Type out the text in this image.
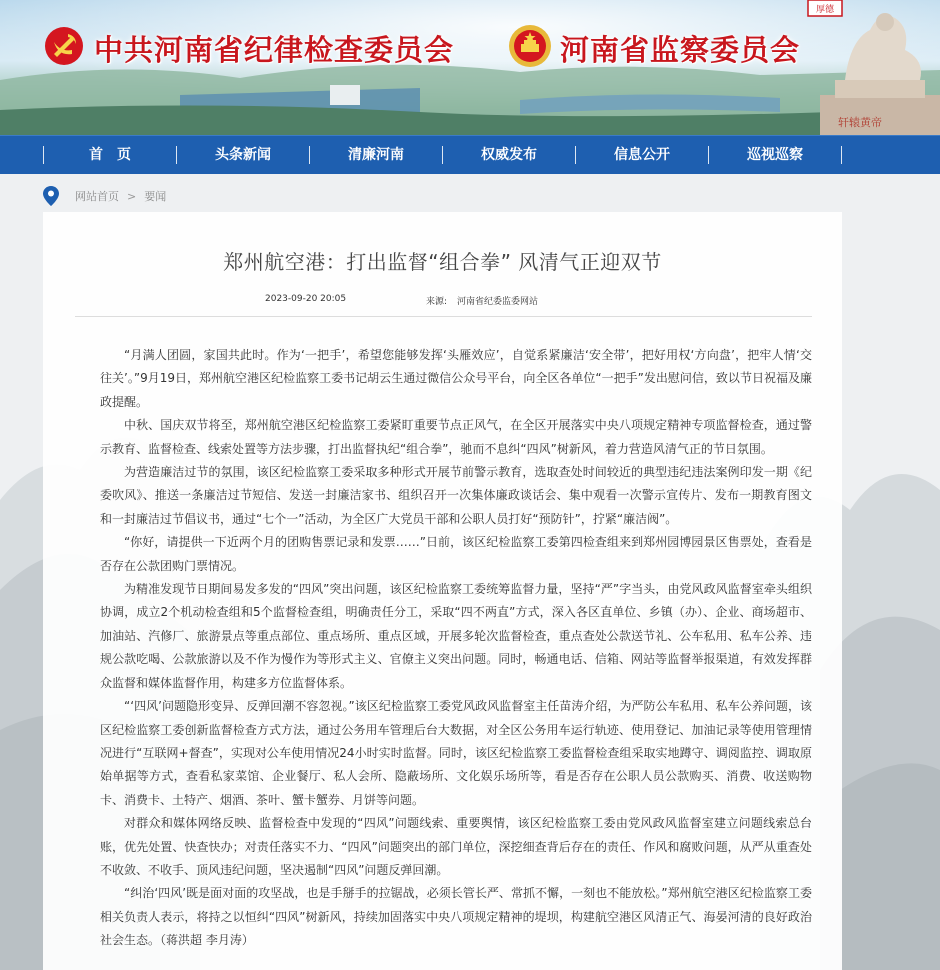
厚德
轩辕黄帝
中共河南省纪律检查委员会	河南省监察委员会
首　页	头条新闻	清廉河南	权威发布	信息公开	巡视巡察
网站首页 > 要闻
郑州航空港：打出监督“组合拳” 风清气正迎双节
2023-09-20 20:05	来源: 河南省纪委监委网站

“月满人团圆，家国共此时。作为‘一把手’，希望您能够发挥‘头雁效应’，自觉系紧廉洁‘安全带’，把好用权‘方向盘’，把牢人情‘交往关’。”9月19日，郑州航空港区纪检监察工委书记胡云生通过微信公众号平台，向全区各单位“一把手”发出慰问信，致以节日祝福及廉政提醒。

中秋、国庆双节将至，郑州航空港区纪检监察工委紧盯重要节点正风气，在全区开展落实中央八项规定精神专项监督检查，通过警示教育、监督检查、线索处置等方法步骤，打出监督执纪“组合拳”，驰而不息纠“四风”树新风，着力营造风清气正的节日氛围。

为营造廉洁过节的氛围，该区纪检监察工委采取多种形式开展节前警示教育，选取查处时间较近的典型违纪违法案例印发一期《纪委吹风》、推送一条廉洁过节短信、发送一封廉洁家书、组织召开一次集体廉政谈话会、集中观看一次警示宣传片、发布一期教育图文和一封廉洁过节倡议书，通过“七个一”活动，为全区广大党员干部和公职人员打好“预防针”，拧紧“廉洁阀”。

“你好，请提供一下近两个月的团购售票记录和发票……”日前，该区纪检监察工委第四检查组来到郑州园博园景区售票处，查看是否存在公款团购门票情况。

为精准发现节日期间易发多发的“四风”突出问题，该区纪检监察工委统筹监督力量，坚持“严”字当头，由党风政风监督室牵头组织协调，成立2个机动检查组和5个监督检查组，明确责任分工，采取“四不两直”方式，深入各区直单位、乡镇（办）、企业、商场超市、加油站、汽修厂、旅游景点等重点部位、重点场所、重点区域，开展多轮次监督检查，重点查处公款送节礼、公车私用、私车公养、违规公款吃喝、公款旅游以及不作为慢作为等形式主义、官僚主义突出问题。同时，畅通电话、信箱、网站等监督举报渠道，有效发挥群众监督和媒体监督作用，构建多方位监督体系。

“‘四风’问题隐形变异、反弹回潮不容忽视。”该区纪检监察工委党风政风监督室主任苗涛介绍，为严防公车私用、私车公养问题，该区纪检监察工委创新监督检查方式方法，通过公务用车管理后台大数据，对全区公务用车运行轨迹、使用登记、加油记录等使用管理情况进行“互联网+督查”，实现对公车使用情况24小时实时监督。同时，该区纪检监察工委监督检查组采取实地蹲守、调阅监控、调取原始单据等方式，查看私家菜馆、企业餐厅、私人会所、隐蔽场所、文化娱乐场所等，看是否存在公职人员公款购买、消费、收送购物卡、消费卡、土特产、烟酒、茶叶、蟹卡蟹券、月饼等问题。

对群众和媒体网络反映、监督检查中发现的“四风”问题线索、重要舆情，该区纪检监察工委由党风政风监督室建立问题线索总台账，优先处置、快查快办；对责任落实不力、“四风”问题突出的部门单位，深挖细查背后存在的责任、作风和腐败问题，从严从重查处不收敛、不收手、顶风违纪问题，坚决遏制“四风”问题反弹回潮。

“纠治‘四风’既是面对面的攻坚战，也是手掰手的拉锯战，必须长管长严、常抓不懈，一刻也不能放松。”郑州航空港区纪检监察工委相关负责人表示，将持之以恒纠“四风”树新风，持续加固落实中央八项规定精神的堤坝，构建航空港区风清正气、海晏河清的良好政治社会生态。（蒋洪超 李月涛）
